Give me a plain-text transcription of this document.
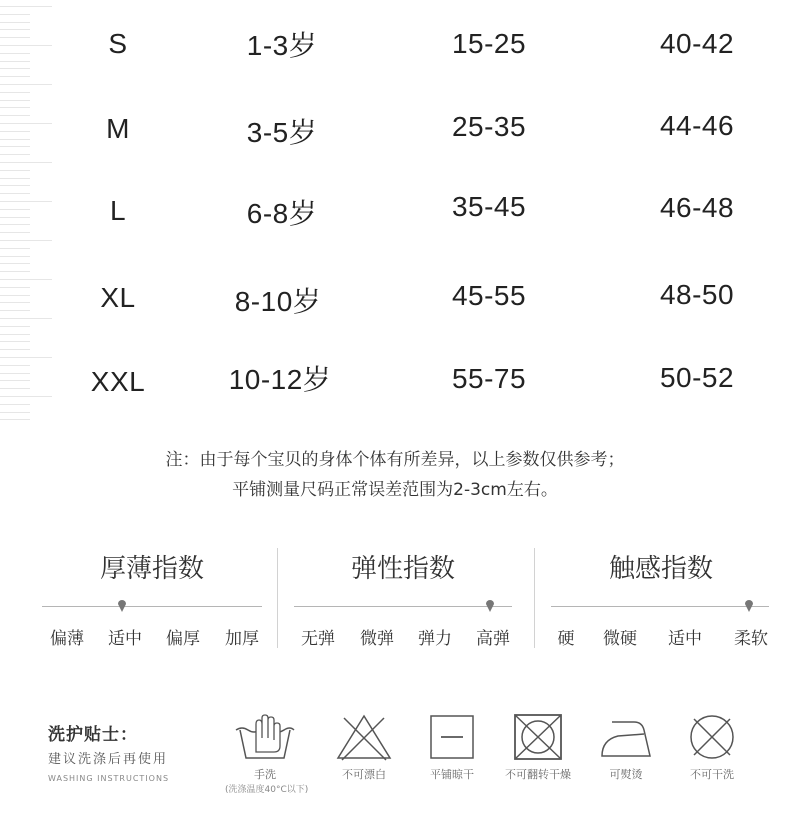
S	1-3岁	15-25	40-42
M	3-5岁	25-35	44-46
L	6-8岁	35-45	46-48
XL	8-10岁	45-55	48-50
XXL	10-12岁	55-75	50-52
注：由于每个宝贝的身体个体有所差异，以上参数仅供参考；
平铺测量尺码正常误差范围为2-3cm左右。
厚薄指数
偏薄 适中 偏厚 加厚
弹性指数
无弹 微弹 弹力 高弹
触感指数
硬 微硬 适中 柔软
洗护贴士：
建议洗涤后再使用
WASHING INSTRUCTIONS	手洗
(洗涤温度40°C以下)
不可漂白	平铺晾干	不可翻转干燥	可熨烫	不可干洗
